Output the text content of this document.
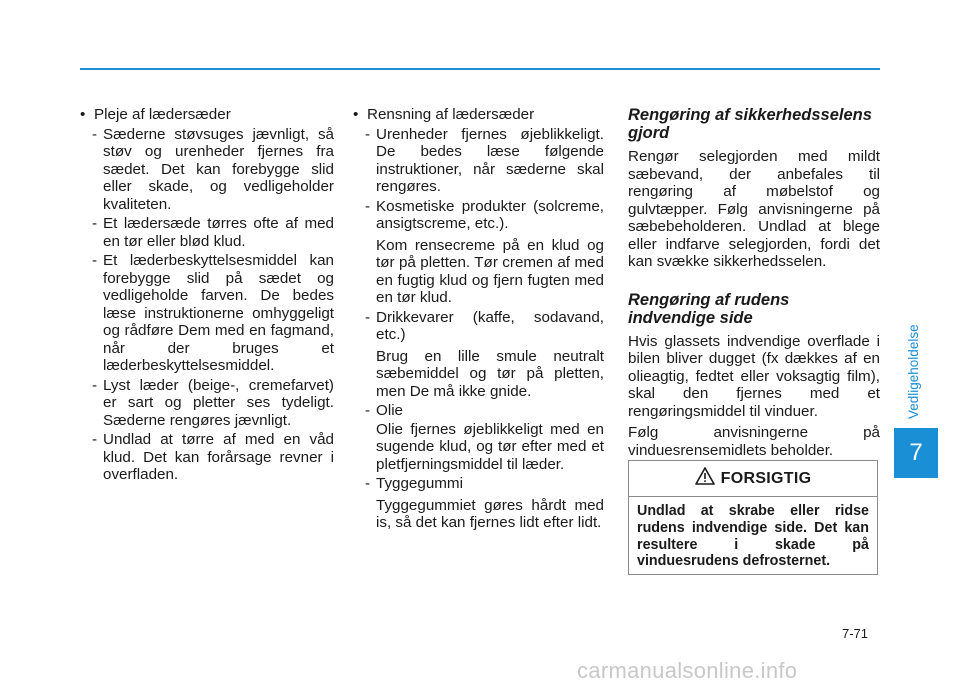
• Pleje af lædersæder
- Sæderne støvsuges jævnligt, så støv og urenheder fjernes fra sædet. Det kan forebygge slid eller skade, og vedligeholder kvaliteten.
- Et lædersæde tørres ofte af med en tør eller blød klud.
- Et læderbeskyttelsesmiddel kan forebygge slid på sædet og vedligeholde farven. De bedes læse instruktionerne omhyggeligt og rådføre Dem med en fagmand, når der bruges et læderbeskyttelsesmiddel.
- Lyst læder (beige-, cremefarvet) er sart og pletter ses tydeligt. Sæderne rengøres jævnligt.
- Undlad at tørre af med en våd klud. Det kan forårsage revner i overfladen.
• Rensning af lædersæder
- Urenheder fjernes øjeblikkeligt. De bedes læse følgende instruktioner, når sæderne skal rengøres.
- Kosmetiske produkter (solcreme, ansigtscreme, etc.).
Kom rensecreme på en klud og tør på pletten. Tør cremen af med en fugtig klud og fjern fugten med en tør klud.
- Drikkevarer (kaffe, sodavand, etc.)
Brug en lille smule neutralt sæbemiddel og tør på pletten, men De må ikke gnide.
- Olie
Olie fjernes øjeblikkeligt med en sugende klud, og tør efter med et pletfjerningsmiddel til læder.
- Tyggegummi
Tyggegummiet gøres hårdt med is, så det kan fjernes lidt efter lidt.
Rengøring af sikkerhedsselens gjord
Rengør selegjorden med mildt sæbevand, der anbefales til rengøring af møbelstof og gulvtæpper. Følg anvisningerne på sæbebeholderen. Undlad at blege eller indfarve selegjorden, fordi det kan svække sikkerhedsselen.
Rengøring af rudens indvendige side
Hvis glassets indvendige overflade i bilen bliver dugget (fx dækkes af en olieagtig, fedtet eller voksagtig film), skal den fjernes med et rengøringsmiddel til vinduer.
Følg anvisningerne på vinduesrensemidlets beholder.
FORSIGTIG
Undlad at skrabe eller ridse rudens indvendige side. Det kan resultere i skade på vinduesrudens defrosternet.
Vedligeholdelse
7
7-71
carmanualsonline.info
